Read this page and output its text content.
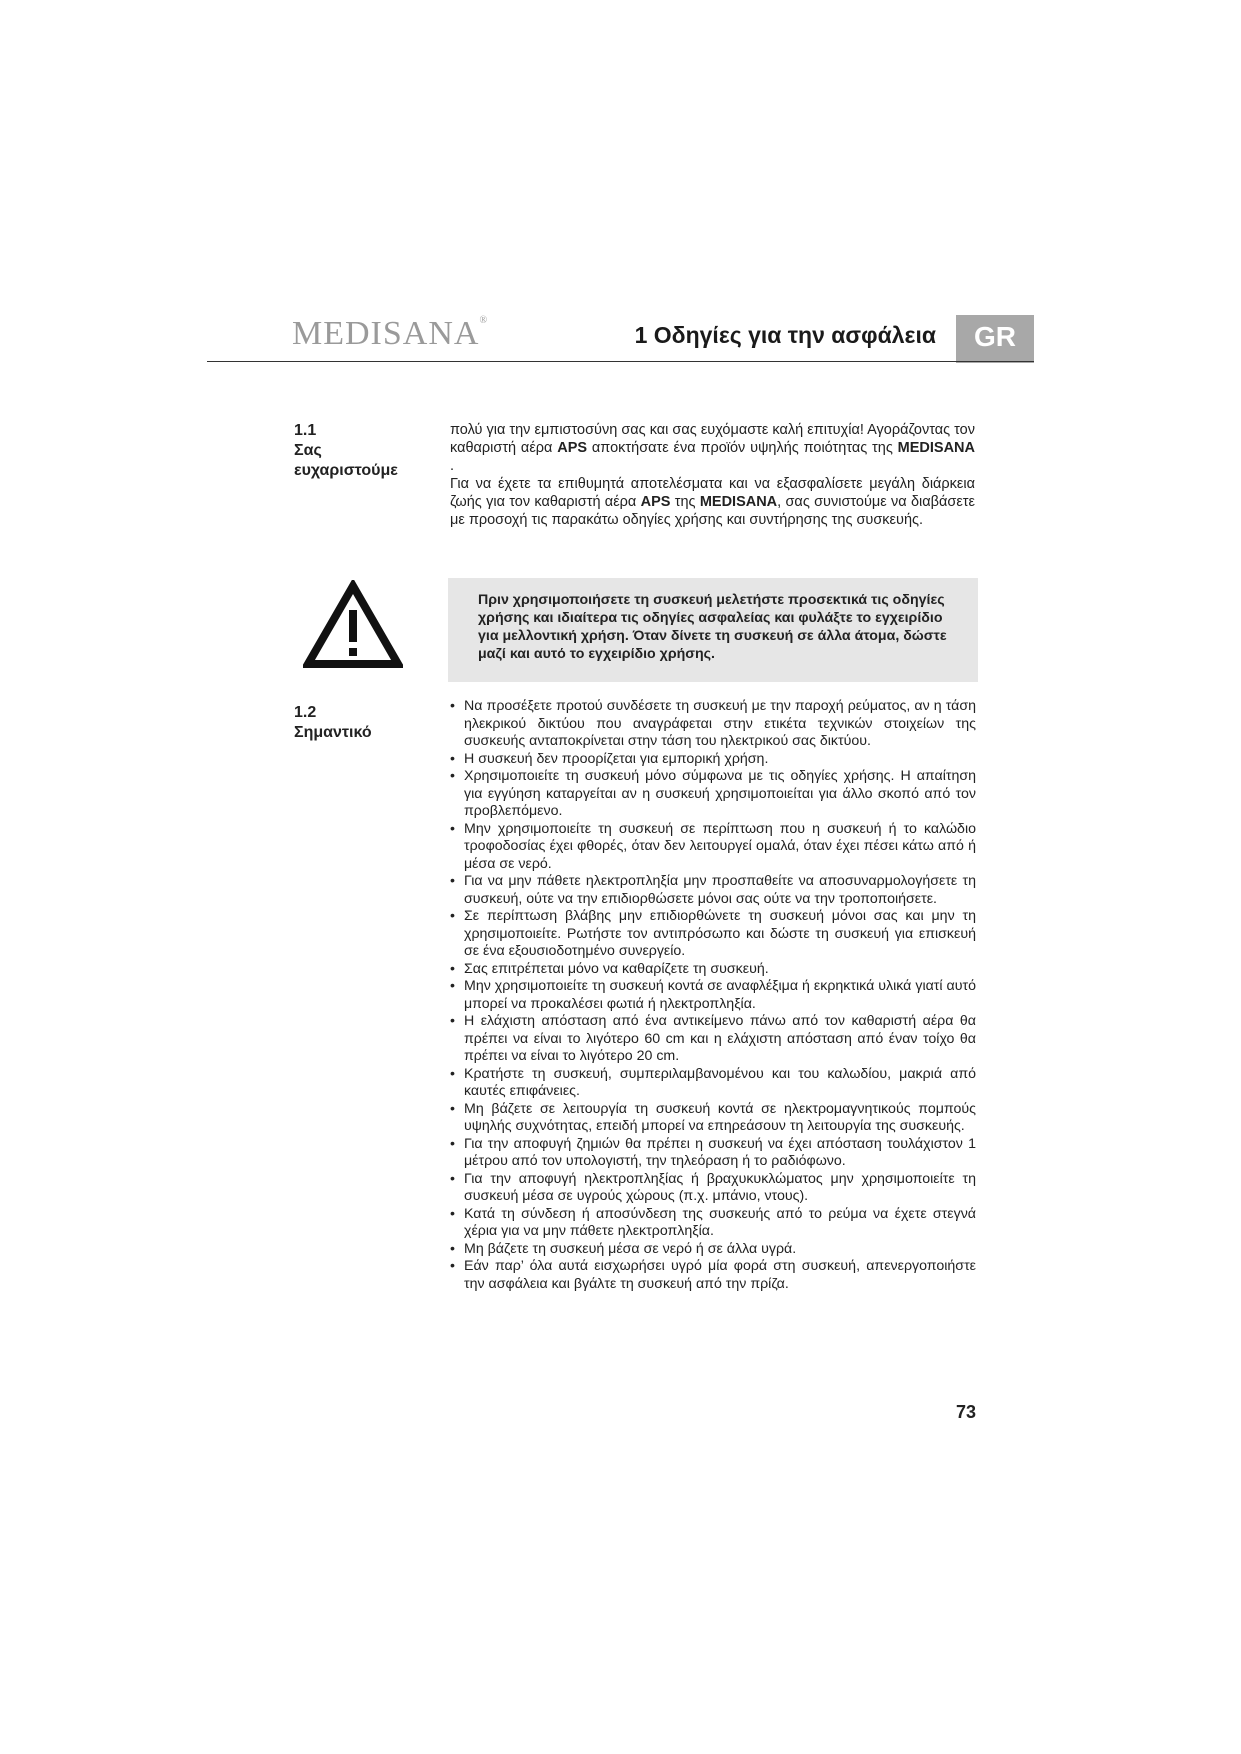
MEDISANA®
1 Οδηγίες για την ασφάλεια	GR
1.1
Σας
ευχαριστούμε

πολύ για την εμπιστοσύνη σας και σας ευχόμαστε καλή επιτυχία! Αγοράζοντας τον καθαριστή αέρα APS αποκτήσατε ένα προϊόν υψηλής ποιότητας της MEDISANA .

Για να έχετε τα επιθυμητά αποτελέσματα και να εξασφαλίσετε μεγάλη διάρκεια ζωής για τον καθαριστή αέρα APS της MEDISANA, σας συνιστούμε να διαβάσετε με προσοχή τις παρακάτω οδηγίες χρήσης και συντήρησης της συσκευής.

Πριν χρησιμοποιήσετε τη συσκευή μελετήστε προσεκτικά τις οδηγίες χρήσης και ιδιαίτερα τις οδηγίες ασφαλείας και φυλάξτε το εγχειρίδιο για μελλοντική χρήση. Όταν δίνετε τη συσκευή σε άλλα άτομα, δώστε μαζί και αυτό το εγχειρίδιο χρήσης.

1.2
Σημαντικό
• Να προσέξετε προτού συνδέσετε τη συσκευή με την παροχή ρεύματος, αν η τάση ηλεκρικού δικτύου που αναγράφεται στην ετικέτα τεχνικών στοιχείων της συσκευής ανταποκρίνεται στην τάση του ηλεκτρικού σας δικτύου.
• Η συσκευή δεν προορίζεται για εμπορική χρήση.
• Χρησιμοποιείτε τη συσκευή μόνο σύμφωνα με τις οδηγίες χρήσης. Η απαίτηση για εγγύηση καταργείται αν η συσκευή χρησιμοποιείται για άλλο σκοπό από τον προβλεπόμενο.
• Μην χρησιμοποιείτε τη συσκευή σε περίπτωση που η συσκευή ή το καλώδιο τροφοδοσίας έχει φθορές, όταν δεν λειτουργεί ομαλά, όταν έχει πέσει κάτω από ή μέσα σε νερό.
• Για να μην πάθετε ηλεκτροπληξία μην προσπαθείτε να αποσυναρμολογήσετε τη συσκευή, ούτε να την επιδιορθώσετε μόνοι σας ούτε να την τροποποιήσετε.
• Σε περίπτωση βλάβης μην επιδιορθώνετε τη συσκευή μόνοι σας και μην τη χρησιμοποιείτε. Ρωτήστε τον αντιπρόσωπο και δώστε τη συσκευή για επισκευή σε ένα εξουσιοδοτημένο συνεργείο.
• Σας επιτρέπεται μόνο να καθαρίζετε τη συσκευή.
• Μην χρησιμοποιείτε τη συσκευή κοντά σε αναφλέξιμα ή εκρηκτικά υλικά γιατί αυτό μπορεί να προκαλέσει φωτιά ή ηλεκτροπληξία.
• Η ελάχιστη απόσταση από ένα αντικείμενο πάνω από τον καθαριστή αέρα θα πρέπει να είναι το λιγότερο 60 cm και η ελάχιστη απόσταση από έναν τοίχο θα πρέπει να είναι το λιγότερο 20 cm.
• Κρατήστε τη συσκευή, συμπεριλαμβανομένου και του καλωδίου, μακριά από καυτές επιφάνειες.
• Μη βάζετε σε λειτουργία τη συσκευή κοντά σε ηλεκτρομαγνητικούς πομπούς υψηλής συχνότητας, επειδή μπορεί να επηρεάσουν τη λειτουργία της συσκευής.
• Για την αποφυγή ζημιών θα πρέπει η συσκευή να έχει απόσταση τουλάχιστον 1 μέτρου από τον υπολογιστή, την τηλεόραση ή το ραδιόφωνο.
• Για την αποφυγή ηλεκτροπληξίας ή βραχυκυκλώματος μην χρησιμοποιείτε τη συσκευή μέσα σε υγρούς χώρους (π.χ. μπάνιο, ντους).
• Κατά τη σύνδεση ή αποσύνδεση της συσκευής από το ρεύμα να έχετε στεγνά χέρια για να μην πάθετε ηλεκτροπληξία.
• Μη βάζετε τη συσκευή μέσα σε νερό ή σε άλλα υγρά.
• Εάν παρ’ όλα αυτά εισχωρήσει υγρό μία φορά στη συσκευή, απενεργοποιήστε την ασφάλεια και βγάλτε τη συσκευή από την πρίζα.
73
